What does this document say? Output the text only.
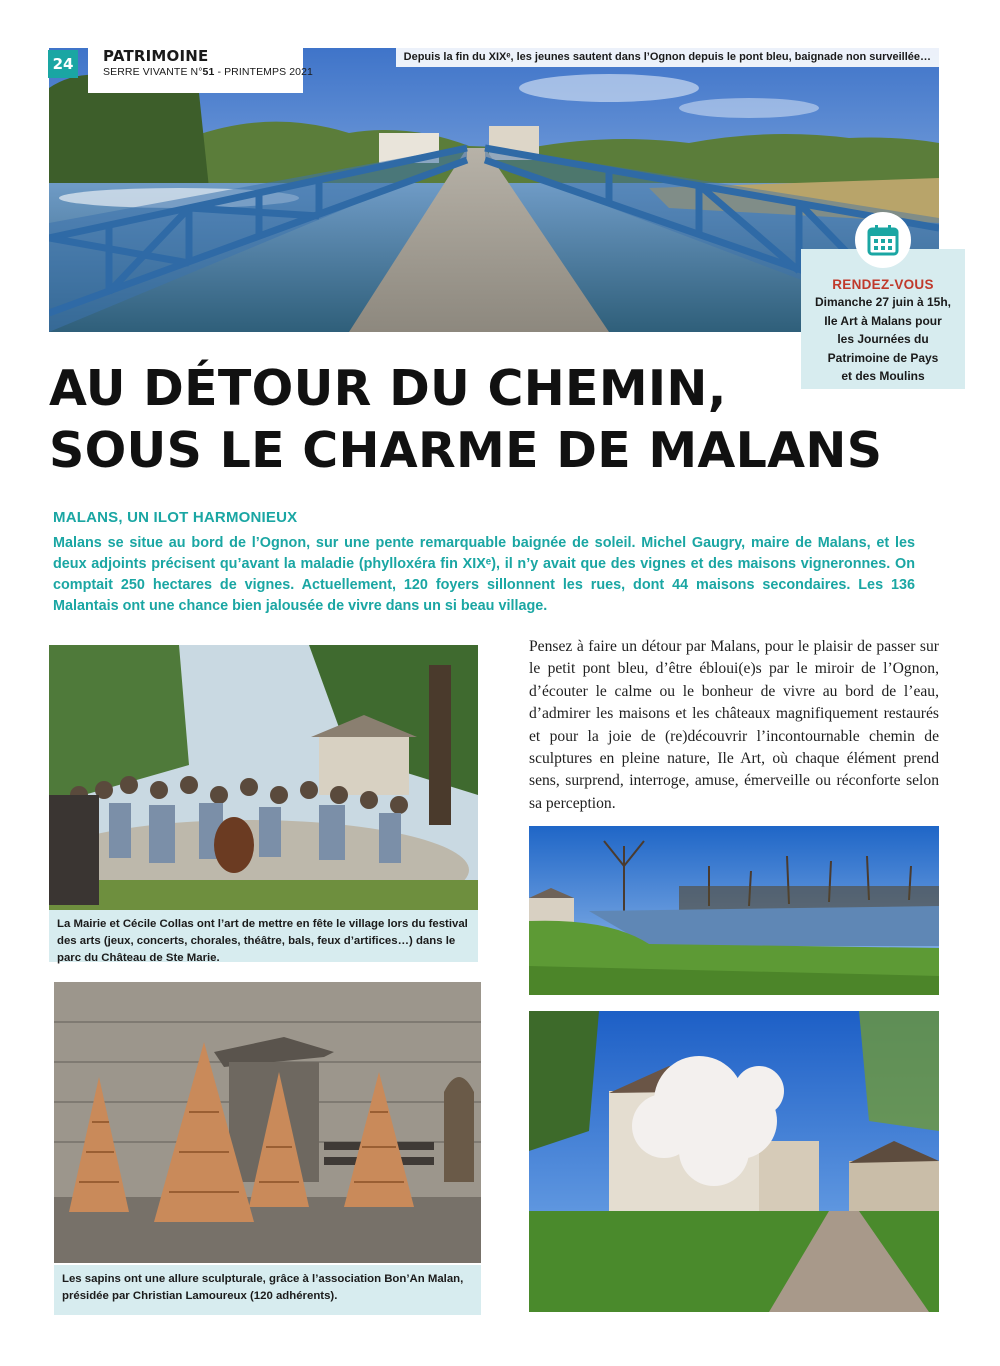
24	PATRIMOINE
SERRE VIVANTE N°51 - PRINTEMPS 2021
Depuis la fin du XIXᵉ, les jeunes sautent dans l’Ognon depuis le pont bleu, baignade non surveillée…
RENDEZ-VOUS
Dimanche 27 juin à 15h,
Ile Art à Malans pour
les Journées du
Patrimoine de Pays
et des Moulins
AU DÉTOUR DU CHEMIN,
SOUS LE CHARME DE MALANS
MALANS, UN ILOT HARMONIEUX

Malans se situe au bord de l’Ognon, sur une pente remarquable baignée de soleil. Michel Gaugry, maire de Malans, et les deux adjoints précisent qu’avant la maladie (phylloxéra fin XIXᵉ), il n’y avait que des vignes et des maisons vigneronnes. On comptait 250 hectares de vignes. Actuellement, 120 foyers sillonnent les rues, dont 44 maisons secondaires. Les 136 Malantais ont une chance bien jalousée de vivre dans un si beau village.

Pensez à faire un détour par Malans, pour le plaisir de passer sur le petit pont bleu, d’être ébloui(e)s par le miroir de l’Ognon, d’écouter le calme ou le bonheur de vivre au bord de l’eau, d’admirer les maisons et les châteaux magnifiquement restaurés et pour la joie de (re)découvrir l’incontournable chemin de sculptures en pleine nature, Ile Art, où chaque élément prend sens, surprend, interroge, amuse, émerveille ou réconforte selon sa perception.

La Mairie et Cécile Collas ont l’art de mettre en fête le village lors du festival des arts (jeux, concerts, chorales, théâtre, bals, feux d’artifices…) dans le parc du Château de Ste Marie.
Les sapins ont une allure sculpturale, grâce à l’association Bon’An Malan, présidée par Christian Lamoureux (120 adhérents).
